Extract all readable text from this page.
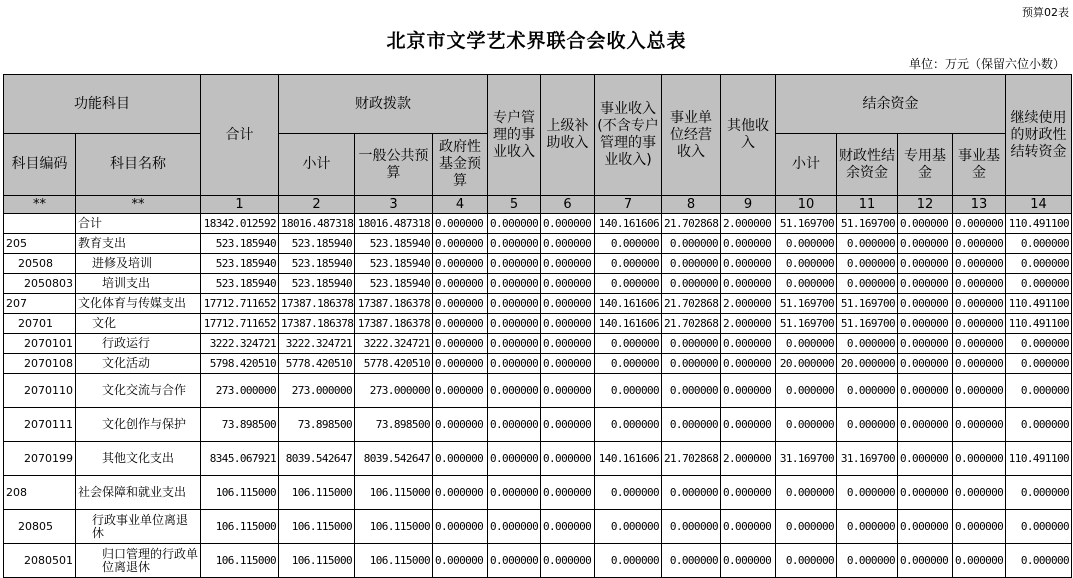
预算02表
北京市文学艺术界联合会收入总表
单位：万元（保留六位小数）
功能科目		合计	财政拨款			专户管理的事业收入	上级补助收入	事业收入(不含专户管理的事业收入)	事业单位经营收入	其他收入	结余资金				继续使用的财政性结转资金
科目编码	科目名称		小计	一般公共预算	政府性基金预算						小计	财政性结余资金	专用基金	事业基金	
**	**	1	2	3	4	5	6	7	8	9	10	11	12	13	14
	合计	18342.012592	18016.487318	18016.487318	0.000000	0.000000	0.000000	140.161606	21.702868	2.000000	51.169700	51.169700	0.000000	0.000000	110.491100
205	教育支出	523.185940	523.185940	523.185940	0.000000	0.000000	0.000000	0.000000	0.000000	0.000000	0.000000	0.000000	0.000000	0.000000	0.000000
20508	进修及培训	523.185940	523.185940	523.185940	0.000000	0.000000	0.000000	0.000000	0.000000	0.000000	0.000000	0.000000	0.000000	0.000000	0.000000
2050803	培训支出	523.185940	523.185940	523.185940	0.000000	0.000000	0.000000	0.000000	0.000000	0.000000	0.000000	0.000000	0.000000	0.000000	0.000000
207	文化体育与传媒支出	17712.711652	17387.186378	17387.186378	0.000000	0.000000	0.000000	140.161606	21.702868	2.000000	51.169700	51.169700	0.000000	0.000000	110.491100
20701	文化	17712.711652	17387.186378	17387.186378	0.000000	0.000000	0.000000	140.161606	21.702868	2.000000	51.169700	51.169700	0.000000	0.000000	110.491100
2070101	行政运行	3222.324721	3222.324721	3222.324721	0.000000	0.000000	0.000000	0.000000	0.000000	0.000000	0.000000	0.000000	0.000000	0.000000	0.000000
2070108	文化活动	5798.420510	5778.420510	5778.420510	0.000000	0.000000	0.000000	0.000000	0.000000	0.000000	20.000000	20.000000	0.000000	0.000000	0.000000
2070110	文化交流与合作	273.000000	273.000000	273.000000	0.000000	0.000000	0.000000	0.000000	0.000000	0.000000	0.000000	0.000000	0.000000	0.000000	0.000000
2070111	文化创作与保护	73.898500	73.898500	73.898500	0.000000	0.000000	0.000000	0.000000	0.000000	0.000000	0.000000	0.000000	0.000000	0.000000	0.000000
2070199	其他文化支出	8345.067921	8039.542647	8039.542647	0.000000	0.000000	0.000000	140.161606	21.702868	2.000000	31.169700	31.169700	0.000000	0.000000	110.491100
208	社会保障和就业支出	106.115000	106.115000	106.115000	0.000000	0.000000	0.000000	0.000000	0.000000	0.000000	0.000000	0.000000	0.000000	0.000000	0.000000
20805	行政事业单位离退休	106.115000	106.115000	106.115000	0.000000	0.000000	0.000000	0.000000	0.000000	0.000000	0.000000	0.000000	0.000000	0.000000	0.000000
2080501	归口管理的行政单位离退休	106.115000	106.115000	106.115000	0.000000	0.000000	0.000000	0.000000	0.000000	0.000000	0.000000	0.000000	0.000000	0.000000	0.000000
